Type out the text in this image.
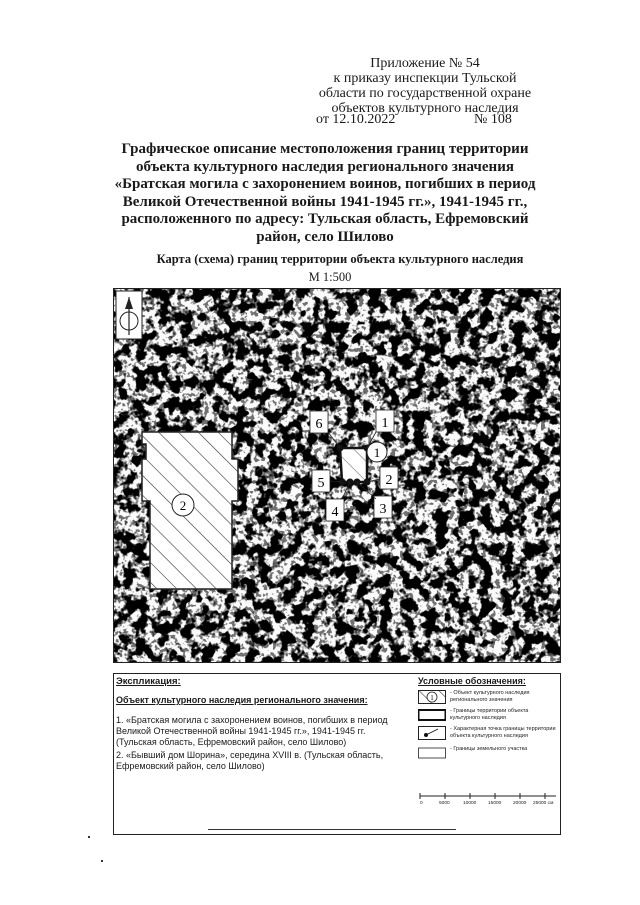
Приложение № 54
к приказу инспекции Тульской
области по государственной охране
объектов культурного наследия
от 12.10.2022	№ 108
Графическое описание местоположения границ территории
объекта культурного наследия регионального значения
«Братская могила с захоронением воинов, погибших в период
Великой Отечественной войны 1941-1945 гг.», 1941-1945 гг.,
расположенного по адресу: Тульская область, Ефремовский
район, село Шилово
Карта (схема) границ территории объекта культурного наследия
М 1:500
2
1
1
2
3
4
5
6
Экспликация:
Объект культурного наследия регионального значения:
1. «Братская могила с захоронением воинов, погибших в период Великой Отечественной войны 1941-1945 гг.», 1941-1945 гг. (Тульская область, Ефремовский район, село Шилово)
2. «Бывший дом Шорина», середина XVIII в. (Тульская область, Ефремовский район, село Шилово)
Условные обозначения:
1
- Объект культурного наследия регионального значения
- Границы территории объекта культурного наследия
- Характерная точка границы территории объекта культурного наследия
- Границы земельного участка
0	5000	10000 15000 20000 25000 см
